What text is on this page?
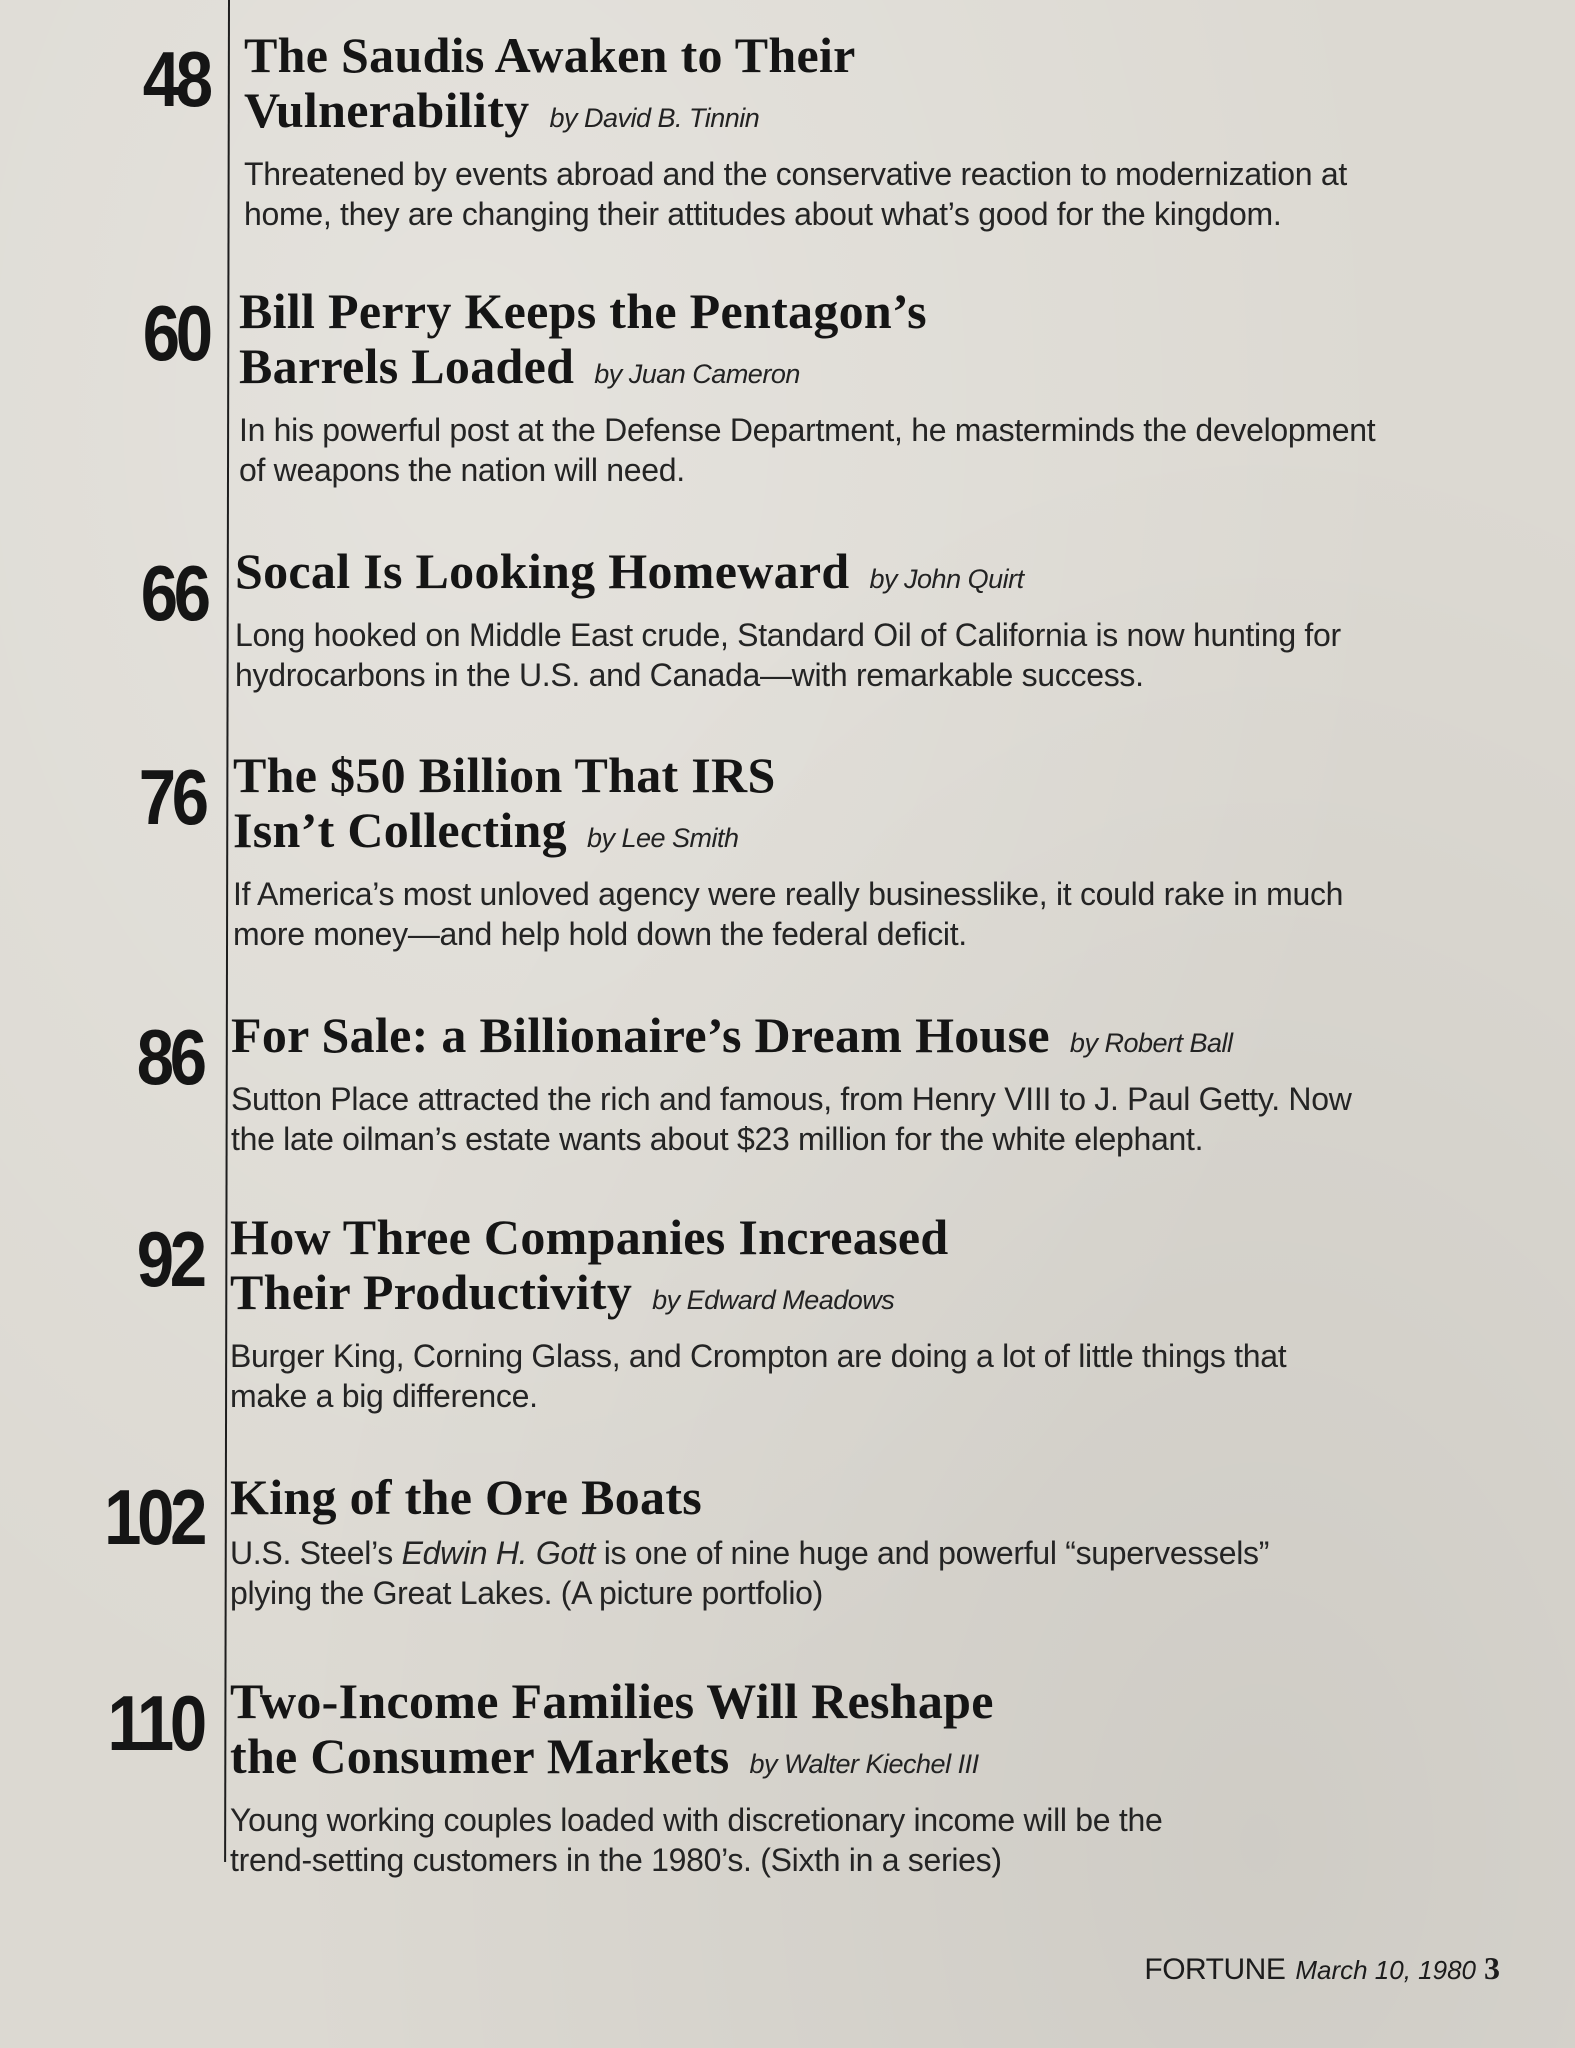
48 The Saudis Awaken to Their
Vulnerability by David B. Tinnin
Threatened by events abroad and the conservative reaction to modernization at
home, they are changing their attitudes about what’s good for the kingdom.
60 Bill Perry Keeps the Pentagon’s
Barrels Loaded by Juan Cameron
In his powerful post at the Defense Department, he masterminds the development
of weapons the nation will need.
66 Socal Is Looking Homeward by John Quirt
Long hooked on Middle East crude, Standard Oil of California is now hunting for
hydrocarbons in the U.S. and Canada—with remarkable success.
76 The $50 Billion That IRS
Isn’t Collecting by Lee Smith
If America’s most unloved agency were really businesslike, it could rake in much
more money—and help hold down the federal deficit.
86 For Sale: a Billionaire’s Dream House by Robert Ball
Sutton Place attracted the rich and famous, from Henry VIII to J. Paul Getty. Now
the late oilman’s estate wants about $23 million for the white elephant.
92 How Three Companies Increased
Their Productivity by Edward Meadows
Burger King, Corning Glass, and Crompton are doing a lot of little things that
make a big difference.
102 King of the Ore Boats
U.S. Steel’s Edwin H. Gott is one of nine huge and powerful “supervessels”
plying the Great Lakes. (A picture portfolio)
110 Two-Income Families Will Reshape
the Consumer Markets by Walter Kiechel III
Young working couples loaded with discretionary income will be the
trend-setting customers in the 1980’s. (Sixth in a series)
FORTUNE March 10, 1980 3
